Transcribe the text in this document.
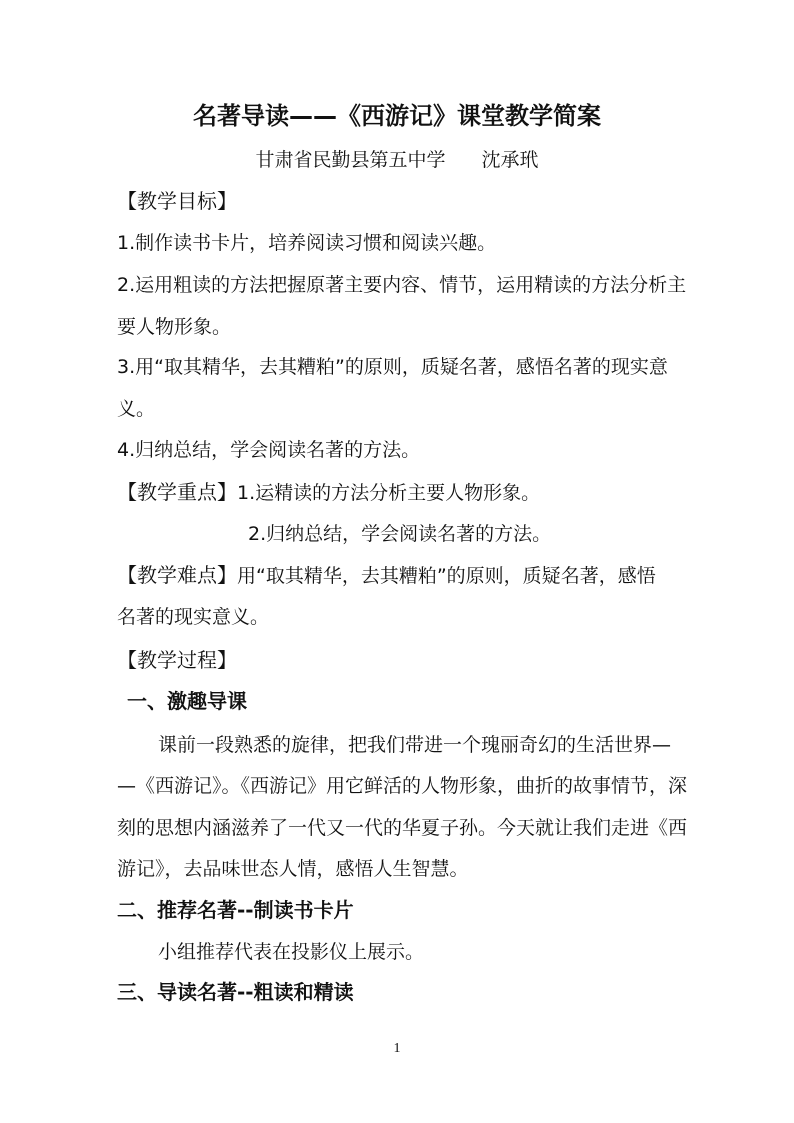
名著导读——《西游记》课堂教学简案
甘肃省民勤县第五中学 沈承玳
【教学目标】
1.制作读书卡片，培养阅读习惯和阅读兴趣。
2.运用粗读的方法把握原著主要内容、情节，运用精读的方法分析主
要人物形象。
3.用“取其精华，去其糟粕”的原则，质疑名著，感悟名著的现实意
义。
4.归纳总结，学会阅读名著的方法。
【教学重点】1.运精读的方法分析主要人物形象。
2.归纳总结，学会阅读名著的方法。
【教学难点】用“取其精华，去其糟粕”的原则，质疑名著，感悟
名著的现实意义。
【教学过程】
一、激趣导课
课前一段熟悉的旋律，把我们带进一个瑰丽奇幻的生活世界—
—《西游记》。《西游记》用它鲜活的人物形象，曲折的故事情节，深
刻的思想内涵滋养了一代又一代的华夏子孙。今天就让我们走进《西
游记》，去品味世态人情，感悟人生智慧。
二、推荐名著--制读书卡片
小组推荐代表在投影仪上展示。
三、导读名著--粗读和精读
1
